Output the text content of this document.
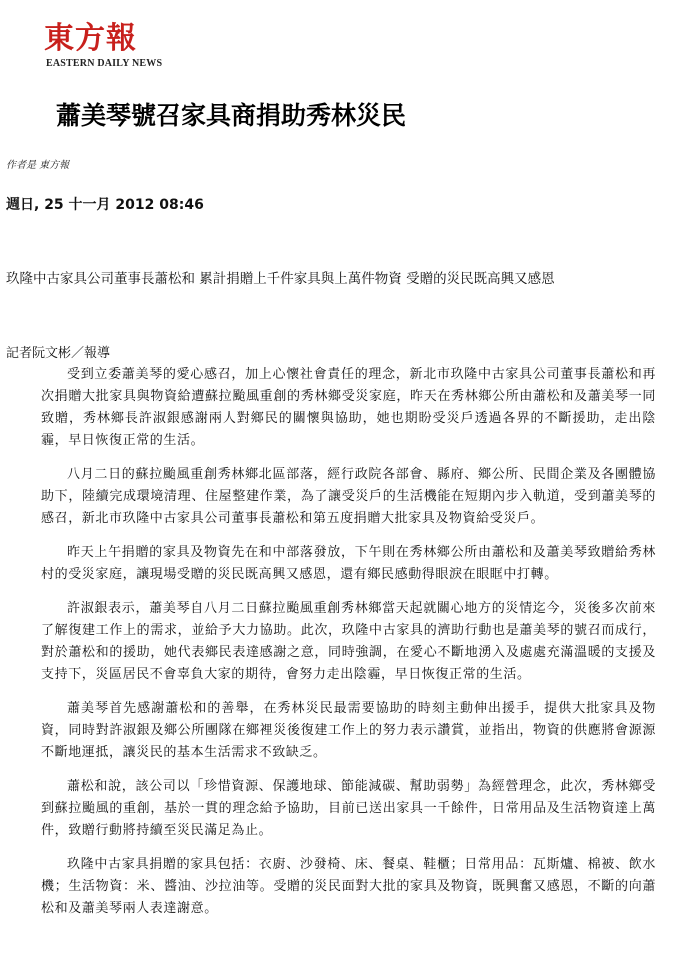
東方報
EASTERN DAILY NEWS
蕭美琴號召家具商捐助秀林災民
作者是 東方報
週日, 25 十一月 2012 08:46

玖隆中古家具公司董事長蕭松和 累計捐贈上千件家具與上萬件物資 受贈的災民既高興又感恩

記者阮文彬／報導

受到立委蕭美琴的愛心感召，加上心懷社會責任的理念，新北市玖隆中古家具公司董事長蕭松和再次捐贈大批家具與物資給遭蘇拉颱風重創的秀林鄉受災家庭，昨天在秀林鄉公所由蕭松和及蕭美琴一同致贈，秀林鄉長許淑銀感謝兩人對鄉民的關懷與協助，她也期盼受災戶透過各界的不斷援助，走出陰霾，早日恢復正常的生活。

八月二日的蘇拉颱風重創秀林鄉北區部落，經行政院各部會、縣府、鄉公所、民間企業及各團體協助下，陸續完成環境清理、住屋整建作業，為了讓受災戶的生活機能在短期內步入軌道，受到蕭美琴的感召，新北市玖隆中古家具公司董事長蕭松和第五度捐贈大批家具及物資給受災戶。

昨天上午捐贈的家具及物資先在和中部落發放，下午則在秀林鄉公所由蕭松和及蕭美琴致贈給秀林村的受災家庭，讓現場受贈的災民既高興又感恩，還有鄉民感動得眼淚在眼眶中打轉。

許淑銀表示，蕭美琴自八月二日蘇拉颱風重創秀林鄉當天起就關心地方的災情迄今，災後多次前來了解復建工作上的需求，並給予大力協助。此次，玖隆中古家具的濟助行動也是蕭美琴的號召而成行，對於蕭松和的援助，她代表鄉民表達感謝之意，同時強調，在愛心不斷地湧入及處處充滿溫暖的支援及支持下，災區居民不會辜負大家的期待，會努力走出陰霾，早日恢復正常的生活。

蕭美琴首先感謝蕭松和的善舉，在秀林災民最需要協助的時刻主動伸出援手，提供大批家具及物資，同時對許淑銀及鄉公所團隊在鄉裡災後復建工作上的努力表示讚賞，並指出，物資的供應將會源源不斷地運抵，讓災民的基本生活需求不致缺乏。

蕭松和說，該公司以「珍惜資源、保護地球、節能減碳、幫助弱勢」為經營理念，此次，秀林鄉受到蘇拉颱風的重創，基於一貫的理念給予協助，目前已送出家具一千餘件，日常用品及生活物資達上萬件，致贈行動將持續至災民滿足為止。

玖隆中古家具捐贈的家具包括：衣廚、沙發椅、床、餐桌、鞋櫃；日常用品：瓦斯爐、棉被、飲水機；生活物資：米、醬油、沙拉油等。受贈的災民面對大批的家具及物資，既興奮又感恩，不斷的向蕭松和及蕭美琴兩人表達謝意。
